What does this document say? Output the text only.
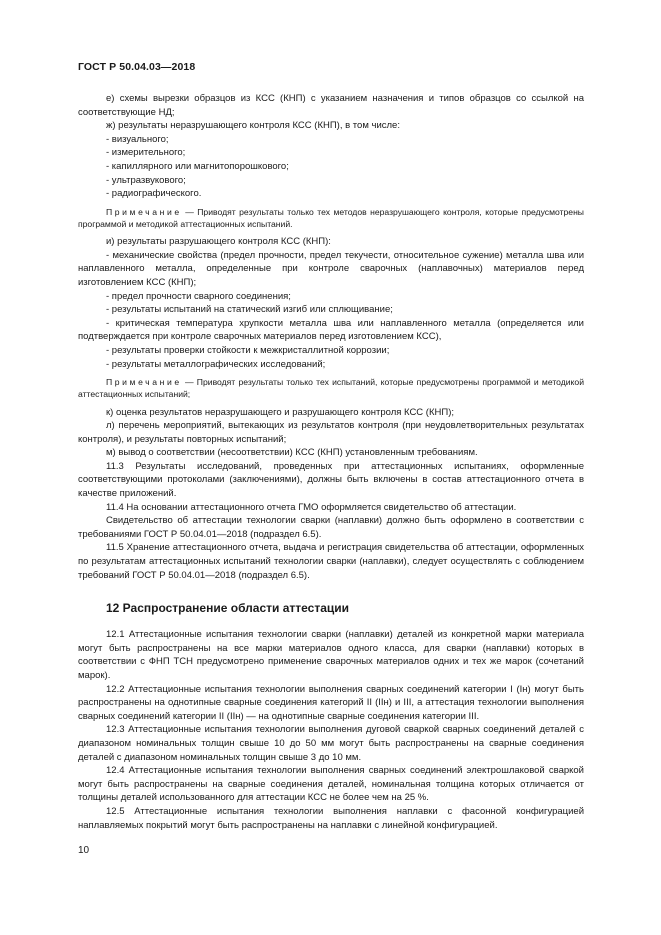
ГОСТ Р 50.04.03—2018

е) схемы вырезки образцов из КСС (КНП) с указанием назначения и типов образцов со ссылкой на соответствующие НД;

ж) результаты неразрушающего контроля КСС (КНП), в том числе:

- визуального;

- измерительного;

- капиллярного или магнитопорошкового;

- ультразвукового;

- радиографического.

Примечание — Приводят результаты только тех методов неразрушающего контроля, которые предусмотрены программой и методикой аттестационных испытаний.

и) результаты разрушающего контроля КСС (КНП):

- механические свойства (предел прочности, предел текучести, относительное сужение) металла шва или наплавленного металла, определенные при контроле сварочных (наплавочных) материалов перед изготовлением КСС (КНП);

- предел прочности сварного соединения;

- результаты испытаний на статический изгиб или сплющивание;

- критическая температура хрупкости металла шва или наплавленного металла (определяется или подтверждается при контроле сварочных материалов перед изготовлением КСС),

- результаты проверки стойкости к межкристаллитной коррозии;

- результаты металлографических исследований;

Примечание — Приводят результаты только тех испытаний, которые предусмотрены программой и методикой аттестационных испытаний;

к) оценка результатов неразрушающего и разрушающего контроля КСС (КНП);

л) перечень мероприятий, вытекающих из результатов контроля (при неудовлетворительных результатах контроля), и результаты повторных испытаний;

м) вывод о соответствии (несоответствии) КСС (КНП) установленным требованиям.

11.3 Результаты исследований, проведенных при аттестационных испытаниях, оформленные соответствующими протоколами (заключениями), должны быть включены в состав аттестационного отчета в качестве приложений.

11.4 На основании аттестационного отчета ГМО оформляется свидетельство об аттестации.

Свидетельство об аттестации технологии сварки (наплавки) должно быть оформлено в соответствии с требованиями ГОСТ Р 50.04.01—2018 (подраздел 6.5).

11.5 Хранение аттестационного отчета, выдача и регистрация свидетельства об аттестации, оформленных по результатам аттестационных испытаний технологии сварки (наплавки), следует осуществлять с соблюдением требований ГОСТ Р 50.04.01—2018 (подраздел 6.5).

12 Распространение области аттестации

12.1 Аттестационные испытания технологии сварки (наплавки) деталей из конкретной марки материала могут быть распространены на все марки материалов одного класса, для сварки (наплавки) которых в соответствии с ФНП ТСН предусмотрено применение сварочных материалов одних и тех же марок (сочетаний марок).

12.2 Аттестационные испытания технологии выполнения сварных соединений категории I (Iн) могут быть распространены на однотипные сварные соединения категорий II (IIн) и III, а аттестация технологии выполнения сварных соединений категории II (IIн) — на однотипные сварные соединения категории III.

12.3 Аттестационные испытания технологии выполнения дуговой сваркой сварных соединений деталей с диапазоном номинальных толщин свыше 10 до 50 мм могут быть распространены на сварные соединения деталей с диапазоном номинальных толщин свыше 3 до 10 мм.

12.4 Аттестационные испытания технологии выполнения сварных соединений электрошлаковой сваркой могут быть распространены на сварные соединения деталей, номинальная толщина которых отличается от толщины деталей использованного для аттестации КСС не более чем на 25 %.

12.5 Аттестационные испытания технологии выполнения наплавки с фасонной конфигурацией наплавляемых покрытий могут быть распространены на наплавки с линейной конфигурацией.

10
